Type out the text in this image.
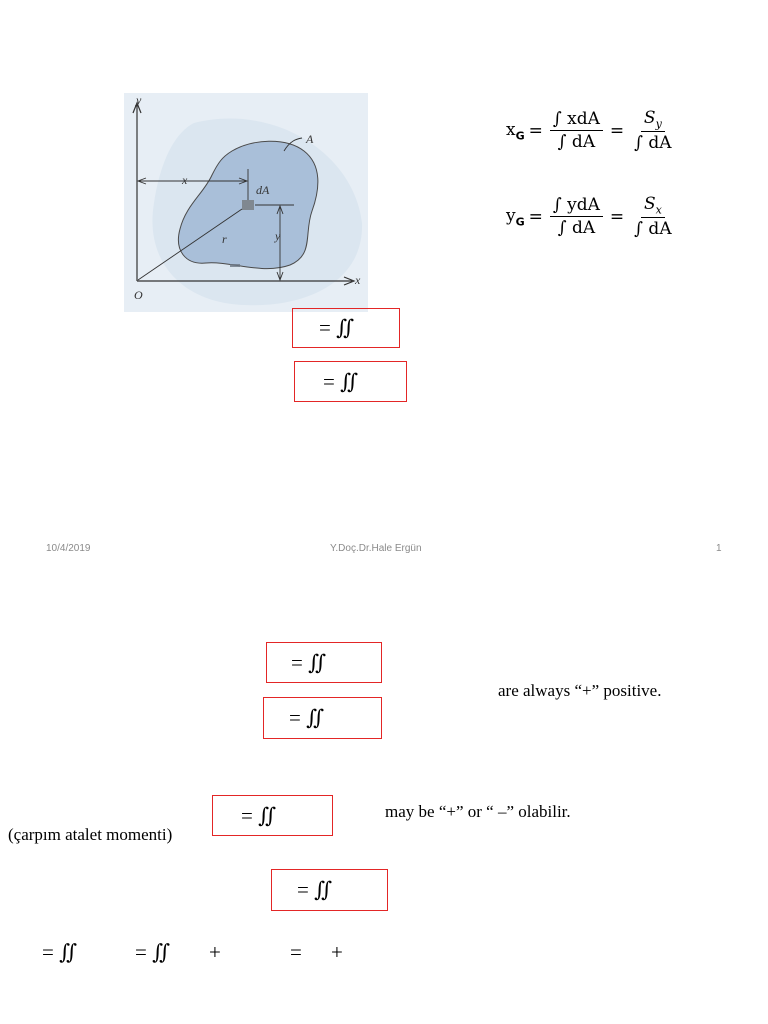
y
x
O
A
dA
x
y
r
$x_G = \frac{\text{∫ xdA}}{\int dA} = \frac{S_y}{\int dA}$
$y_G = \frac{\text{∫ ydA}}{\int dA} = \frac{S_x}{\int dA}$
= ∬
= ∬
10/4/2019	Y.Doç.Dr.Hale Ergün	1
= ∬
= ∬
are always “+” positive.
(çarpım atalet momenti)
= ∬	may be “+” or “ –” olabilir.
= ∬
= ∬	= ∬ +	= +
